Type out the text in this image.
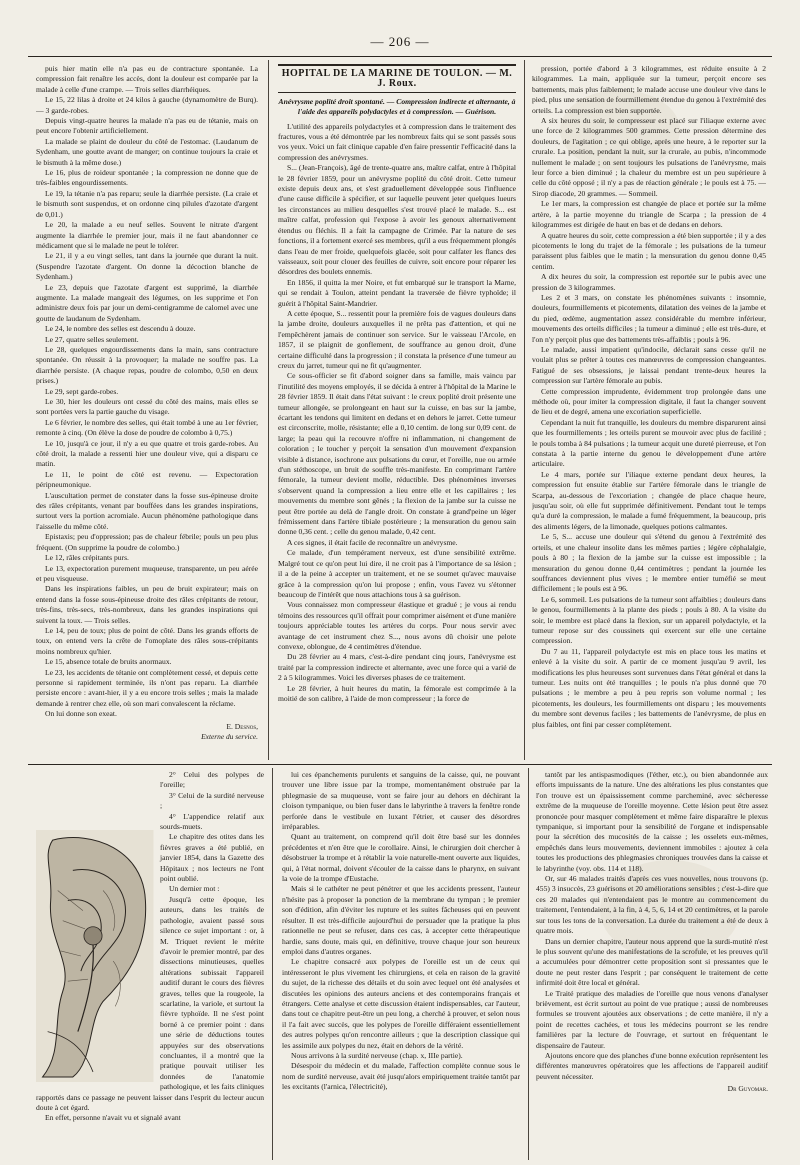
— 206 —

puis hier matin elle n'a pas eu de contracture spontanée. La compression fait renaître les accès, dont la douleur est comparée par la malade à celle d'une crampe. — Trois selles diarrhéiques.

Le 15, 22 lilas à droite et 24 kilos à gauche (dynamomètre de Burq). — 3 garde-robes.

Depuis vingt-quatre heures la malade n'a pas eu de tétanie, mais on peut encore l'obtenir artificiellement.

La malade se plaint de douleur du côté de l'estomac. (Laudanum de Sydenham, une goutte avant de manger; on continue toujours la craie et le bismuth à la même dose.)

Le 16, plus de roideur spontanée ; la compression ne donne que de très-faibles engourdissements.

Le 19, la tétanie n'a pas reparu; seule la diarrhée persiste. (La craie et le bismuth sont suspendus, et on ordonne cinq pilules d'azotate d'argent de 0,01.)

Le 20, la malade a eu neuf selles. Souvent le nitrate d'argent augmente la diarrhée le premier jour, mais il ne faut abandonner ce médicament que si le malade ne peut le tolérer.

Le 21, il y a eu vingt selles, tant dans la journée que durant la nuit. (Suspendre l'azotate d'argent. On donne la décoction blanche de Sydenham.)

Le 23, depuis que l'azotate d'argent est supprimé, la diarrhée augmente. La malade mangeait des légumes, on les supprime et l'on administre deux fois par jour un demi-centigramme de calomel avec une goutte de laudanum de Sydenham.

Le 24, le nombre des selles est descendu à douze.

Le 27, quatre selles seulement.

Le 28, quelques engourdissements dans la main, sans contracture spontanée. On réussit à la provoquer; la malade ne souffre pas. La diarrhée persiste. (A chaque repas, poudre de colombo, 0,50 en deux prises.)

Le 29, sept garde-robes.

Le 30, hier les douleurs ont cessé du côté des mains, mais elles se sont portées vers la partie gauche du visage.

Le 6 février, le nombre des selles, qui était tombé à une au 1er février, remonte à cinq. (On élève la dose de poudre de colombo à 0,75.)

Le 10, jusqu'à ce jour, il n'y a eu que quatre et trois garde-robes. Au côté droit, la malade a ressenti hier une douleur vive, qui a disparu ce matin.

Le 11, le point de côté est revenu. — Expectoration péripneumonique.

L'auscultation permet de constater dans la fosse sus-épineuse droite des râles crépitants, venant par bouffées dans les grandes inspirations, surtout vers la portion acromiale. Aucun phénomène pathologique dans l'aisselle du même côté.

Epistaxis; peu d'oppression; pas de chaleur fébrile; pouls un peu plus fréquent. (On supprime la poudre de colombo.)

Le 12, râles crépitants purs.

Le 13, expectoration purement muqueuse, transparente, un peu aérée et peu visqueuse.

Dans les inspirations faibles, un peu de bruit expirateur; mais on entend dans la fosse sous-épineuse droite des râles crépitants de retour, très-fins, très-secs, très-nombreux, dans les grandes inspirations qui suivent la toux. — Trois selles.

Le 14, peu de toux; plus de point de côté. Dans les grands efforts de toux, on entend vers la crête de l'omoplate des râles sous-crépitants moins nombreux qu'hier.

Le 15, absence totale de bruits anormaux.

Le 23, les accidents de tétanie ont complètement cessé, et depuis cette personne si rapidement terminée, ils n'ont pas reparu. La diarrhée persiste encore : avant-hier, il y a eu encore trois selles ; mais la malade demande à rentrer chez elle, où son mari convalescent la réclame.

On lui donne son exeat.

E. Desnos,
Externe du service.
HOPITAL DE LA MARINE DE TOULON. — M. J. Roux.
Anévrysme poplité droit spontané. — Compression indirecte et alternante, à l'aide des appareils polydactyles et à compression. — Guérison.

L'utilité des appareils polydactyles et à compression dans le traitement des fractures, vous a été démontrée par les nombreux faits qui se sont passés sous vos yeux. Voici un fait clinique capable d'en faire pressentir l'efficacité dans la compression des anévrysmes.

S... (Jean-François), âgé de trente-quatre ans, maître calfat, entre à l'hôpital le 28 février 1859, pour un anévrysme poplité du côté droit. Cette tumeur existe depuis deux ans, et s'est graduellement développée sous l'influence d'une cause difficile à spécifier, et sur laquelle peuvent jeter quelques lueurs les circonstances au milieu desquelles s'est trouvé placé le malade. S... est maître calfat, profession qui l'expose à avoir les genoux alternativement étendus ou fléchis. Il a fait la campagne de Crimée. Par la nature de ses fonctions, il a fortement exercé ses membres, qu'il a eus fréquemment plongés dans l'eau de mer froide, quelquefois glacée, soit pour calfater les flancs des vaisseaux, soit pour clouer des feuilles de cuivre, soit encore pour réparer les désordres des boulets ennemis.

En 1856, il quitta la mer Noire, et fut embarqué sur le transport la Marne, qui se rendait à Toulon, atteint pendant la traversée de fièvre typhoïde; il guérit à l'hôpital Saint-Mandrier.

A cette époque, S... ressentit pour la première fois de vagues douleurs dans la jambe droite, douleurs auxquelles il ne prêta pas d'attention, et qui ne l'empêchèrent jamais de continuer son service. Sur le vaisseau l'Arcole, en 1857, il se plaignit de gonflement, de souffrance au genou droit, d'une certaine difficulté dans la progression ; il constata la présence d'une tumeur au creux du jarret, tumeur qui ne fit qu'augmenter.

Ce sous-officier se fit d'abord soigner dans sa famille, mais vaincu par l'inutilité des moyens employés, il se décida à entrer à l'hôpital de la Marine le 28 février 1859. Il était dans l'état suivant : le creux poplité droit présente une tumeur allongée, se prolongeant en haut sur la cuisse, en bas sur la jambe, écartant les tendons qui limitent en dedans et en dehors le jarret. Cette tumeur est circonscrite, molle, résistante; elle a 0,10 centim. de long sur 0,09 cent. de large; la peau qui la recouvre n'offre ni inflammation, ni changement de coloration ; le toucher y perçoit la sensation d'un mouvement d'expansion visible à distance, isochrone aux pulsations du cœur, et l'oreille, nue ou armée d'un stéthoscope, un bruit de souffle très-manifeste. En comprimant l'artère fémorale, la tumeur devient molle, réductible. Des phénomènes inverses s'observent quand la compression a lieu entre elle et les capillaires ; les mouvements du membre sont gênés ; la flexion de la jambe sur la cuisse ne peut être portée au delà de l'angle droit. On constate à grand'peine un léger frémissement dans l'artère tibiale postérieure ; la mensuration du genou sain donne 0,36 cent. ; celle du genou malade, 0,42 cent.

A ces signes, il était facile de reconnaître un anévrysme.

Ce malade, d'un tempérament nerveux, est d'une sensibilité extrême. Malgré tout ce qu'on peut lui dire, il ne croit pas à l'importance de sa lésion ; il a de la peine à accepter un traitement, et ne se soumet qu'avec mauvaise grâce à la compression qu'on lui propose ; enfin, vous l'avez vu s'étonner beaucoup de l'intérêt que nous attachions tous à sa guérison.

Vous connaissez mon compresseur élastique et gradué ; je vous ai rendu témoins des ressources qu'il offrait pour comprimer aisément et d'une manière toujours appréciable toutes les artères du corps. Pour nous servir avec avantage de cet instrument chez S..., nous avons dû choisir une pelote convexe, oblongue, de 4 centimètres d'étendue.

Du 28 février au 4 mars, c'est-à-dire pendant cinq jours, l'anévrysme est traité par la compression indirecte et alternante, avec une force qui a varié de 2 à 5 kilogrammes. Voici les diverses phases de ce traitement.

Le 28 février, à huit heures du matin, la fémorale est comprimée à la moitié de son calibre, à l'aide de mon compresseur ; la force de

pression, portée d'abord à 3 kilogrammes, est réduite ensuite à 2 kilogrammes. La main, appliquée sur la tumeur, perçoit encore ses battements, mais plus faiblement; le malade accuse une douleur vive dans le pied, plus une sensation de fourmillement étendue du genou à l'extrémité des orteils. La compression est bien supportée.

A six heures du soir, le compresseur est placé sur l'iliaque externe avec une force de 2 kilogrammes 500 grammes. Cette pression détermine des douleurs, de l'agitation ; ce qui oblige, après une heure, à le reporter sur la crurale. La position, pendant la nuit, sur la crurale, au pubis, n'incommode nullement le malade ; on sent toujours les pulsations de l'anévrysme, mais leur force a bien diminué ; la chaleur du membre est un peu supérieure à celle du côté opposé ; il n'y a pas de réaction générale ; le pouls est à 75. — Sirop diacode, 20 grammes. — Sommeil.

Le 1er mars, la compression est changée de place et portée sur la même artère, à la partie moyenne du triangle de Scarpa ; la pression de 4 kilogrammes est dirigée de haut en bas et de dedans en dehors.

A quatre heures du soir, cette compression a été bien supportée ; il y a des picotements le long du trajet de la fémorale ; les pulsations de la tumeur paraissent plus faibles que le matin ; la mensuration du genou donne 0,45 centim.

A dix heures du soir, la compression est reportée sur le pubis avec une pression de 3 kilogrammes.

Les 2 et 3 mars, on constate les phénomènes suivants : insomnie, douleurs, fourmillements et picotements, dilatation des veines de la jambe et du pied, œdème, augmentation assez considérable du membre inférieur, mouvements des orteils difficiles ; la tumeur a diminué ; elle est très-dure, et l'on n'y perçoit plus que des battements très-affaiblis ; pouls à 96.

Le malade, aussi impatient qu'indocile, déclarait sans cesse qu'il ne voulait plus se prêter à toutes ces manœuvres de compression changeantes. Fatigué de ses obsessions, je laissai pendant trente-deux heures la compression sur l'artère fémorale au pubis.

Cette compression imprudente, évidemment trop prolongée dans une méthode où, pour imiter la compression digitale, il faut la changer souvent de lieu et de degré, amena une excoriation superficielle.

Cependant la nuit fut tranquille, les douleurs du membre disparurent ainsi que les fourmillements ; les orteils purent se mouvoir avec plus de facilité ; le pouls tomba à 84 pulsations ; la tumeur acquit une dureté pierreuse, et l'on constata à la partie interne du genou le développement d'une artère articulaire.

Le 4 mars, portée sur l'iliaque externe pendant deux heures, la compression fut ensuite établie sur l'artère fémorale dans le triangle de Scarpa, au-dessous de l'excoriation ; changée de place chaque heure, jusqu'au soir, où elle fut supprimée définitivement. Pendant tout le temps qu'a duré la compression, le malade a fumé fréquemment, la beaucoup, pris des aliments légers, de la limonade, quelques potions calmantes.

Le 5, S... accuse une douleur qui s'étend du genou à l'extrémité des orteils, et une chaleur insolite dans les mêmes parties ; légère céphalalgie, pouls à 80 ; la flexion de la jambe sur la cuisse est impossible ; la mensuration du genou donne 0,44 centimètres ; pendant la journée les souffrances deviennent plus vives ; le membre entier tuméfié se meut difficilement ; le pouls est à 96.

Le 6, sommeil. Les pulsations de la tumeur sont affaiblies ; douleurs dans le genou, fourmillements à la plante des pieds ; pouls à 80. A la visite du soir, le membre est placé dans la flexion, sur un appareil polydactyle, et la tumeur repose sur des coussinets qui exercent sur elle une certaine compression.

Du 7 au 11, l'appareil polydactyle est mis en place tous les matins et enlevé à la visite du soir. A partir de ce moment jusqu'au 9 avril, les modifications les plus heureuses sont survenues dans l'état général et dans la tumeur. Les nuits ont été tranquilles ; le pouls n'a plus donné que 70 pulsations ; le membre a peu à peu repris son volume normal ; les picotements, les douleurs, les fourmillements ont disparu ; les mouvements du membre sont devenus faciles ; les battements de l'anévrysme, de plus en plus faibles, ont fini par cesser complètement.

2° Celui des polypes de l'oreille;

3° Celui de la surdité nerveuse ;

4° L'appendice relatif aux sourds-muets.

Le chapitre des otites dans les fièvres graves a été publié, en janvier 1854, dans la Gazette des Hôpitaux ; nos lecteurs ne l'ont point oublié.

Un dernier mot :

Jusqu'à cette époque, les auteurs, dans les traités de pathologie, avaient passé sous silence ce sujet important : or, à M. Triquet revient le mérite d'avoir le premier montré, par des dissections minutieuses, quelles altérations subissait l'appareil auditif durant le cours des fièvres graves, telles que la rougeole, la scarlatine, la variole, et surtout la fièvre typhoïde. Il ne s'est point borné à ce premier point : dans une série de déductions toutes appuyées sur des observations concluantes, il a montré que la pratique pouvait utiliser les données de l'anatomie pathologique, et les faits cliniques rapportés dans ce passage ne peuvent laisser dans l'esprit du lecteur aucun doute à cet égard.

En effet, personne n'avait vu et signalé avant

lui ces épanchements purulents et sanguins de la caisse, qui, ne pouvant trouver une libre issue par la trompe, momentanément obstruée par la phlegmasie de sa muqueuse, vont se faire jour au dehors en déchirant la cloison tympanique, ou bien fuser dans le labyrinthe à travers la fenêtre ronde perforée dans le vestibule en luxant l'étrier, et causer des désordres irréparables.

Quant au traitement, on comprend qu'il doit être basé sur les données précédentes et n'en être que le corollaire. Ainsi, le chirurgien doit chercher à désobstruer la trompe et à rétablir la voie naturelle-ment ouverte aux liquides, qui, à l'état normal, doivent s'écouler de la caisse dans le pharynx, en suivant la voie de la trompe d'Eustache.

Mais si le cathéter ne peut pénétrer et que les accidents pressent, l'auteur n'hésite pas à proposer la ponction de la membrane du tympan ; le premier son d'édition, afin d'éviter les rupture et les suites fâcheuses qui en peuvent résulter. Il est très-difficile aujourd'hui de persuader que la pratique la plus rationnelle ne peut se refuser, dans ces cas, à accepter cette thérapeutique hardie, sans doute, mais qui, en définitive, trouve chaque jour son heureux emploi dans d'autres organes.

Le chapitre consacré aux polypes de l'oreille est un de ceux qui intéresseront le plus vivement les chirurgiens, et cela en raison de la gravité du sujet, de la richesse des détails et du soin avec lequel ont été analysées et discutées les opinions des auteurs anciens et des contemporains français et étrangers. Cette analyse et cette discussion étaient indispensables, car l'auteur, dans tout ce chapitre peut-être un peu long, a cherché à prouver, et selon nous il l'a fait avec succès, que les polypes de l'oreille différaient essentiellement des autres polypes qu'on rencontre ailleurs ; que la description classique qui les assimile aux polypes du nez, était en dehors de la vérité.

Nous arrivons à la surdité nerveuse (chap. x, IIIe partie).

Désespoir du médecin et du malade, l'affection complète connue sous le nom de surdité nerveuse, avait été jusqu'alors empiriquement traitée tantôt par les excitants (l'arnica, l'électricité),

tantôt par les antispasmodiques (l'éther, etc.), ou bien abandonnée aux efforts impuissants de la nature. Une des altérations les plus constantes que l'on trouve est un épaississement comme parcheminé, avec sécheresse extrême de la muqueuse de l'oreille moyenne. Cette lésion peut être assez prononcée pour masquer complètement et même faire disparaître le plexus tympanique, si important pour la sensibilité de l'organe et indispensable pour la sécrétion des mucosités de la caisse ; les osselets eux-mêmes, empêchés dans leurs mouvements, deviennent immobiles : ajoutez à cela toutes les productions des phlegmasies chroniques trouvées dans la caisse et le labyrinthe (voy. obs. 114 et 118).

Or, sur 46 malades traités d'après ces vues nouvelles, nous trouvons (p. 455) 3 insuccès, 23 guérisons et 20 améliorations sensibles ; c'est-à-dire que ces 20 malades qui n'entendaient pas le montre au commencement du traitement, l'entendaient, à la fin, à 4, 5, 6, 14 et 20 centimètres, et la parole sur tous les tons de la conversation. La durée du traitement a été de deux à quatre mois.

Dans un dernier chapitre, l'auteur nous apprend que la surdi-mutité n'est le plus souvent qu'une des manifestations de la scrofule, et les preuves qu'il a accumulées pour démontrer cette proposition sont si pressantes que le doute ne peut rester dans l'esprit ; par conséquent le traitement de cette infirmité doit être local et général.

Le Traité pratique des maladies de l'oreille que nous venons d'analyser brièvement, est écrit surtout au point de vue pratique ; aussi de nombreuses formules se trouvent ajoutées aux observations ; de cette manière, il n'y a point de recettes cachées, et tous les médecins pourront se les rendre familières par la lecture de l'ouvrage, et surtout en fréquentant le dispensaire de l'auteur.

Ajoutons encore que des planches d'une bonne exécution représentent les différentes manœuvres opératoires que les affections de l'appareil auditif peuvent nécessiter.

Dr Guyomar.
